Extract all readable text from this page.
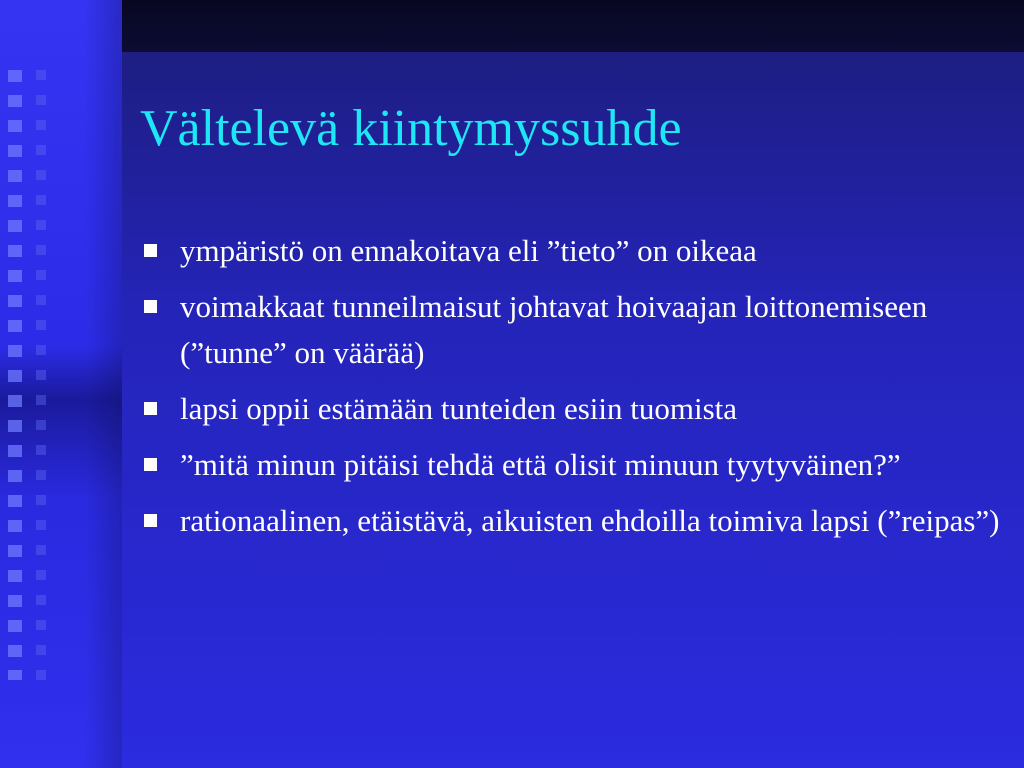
Vältelevä kiintymyssuhde
ympäristö on ennakoitava eli ”tieto” on oikeaa
voimakkaat tunneilmaisut johtavat hoivaajan loittonemiseen (”tunne” on väärää)
lapsi oppii estämään tunteiden esiin tuomista
”mitä minun pitäisi tehdä että olisit minuun tyytyväinen?”
rationaalinen, etäistävä, aikuisten ehdoilla toimiva lapsi (”reipas”)
